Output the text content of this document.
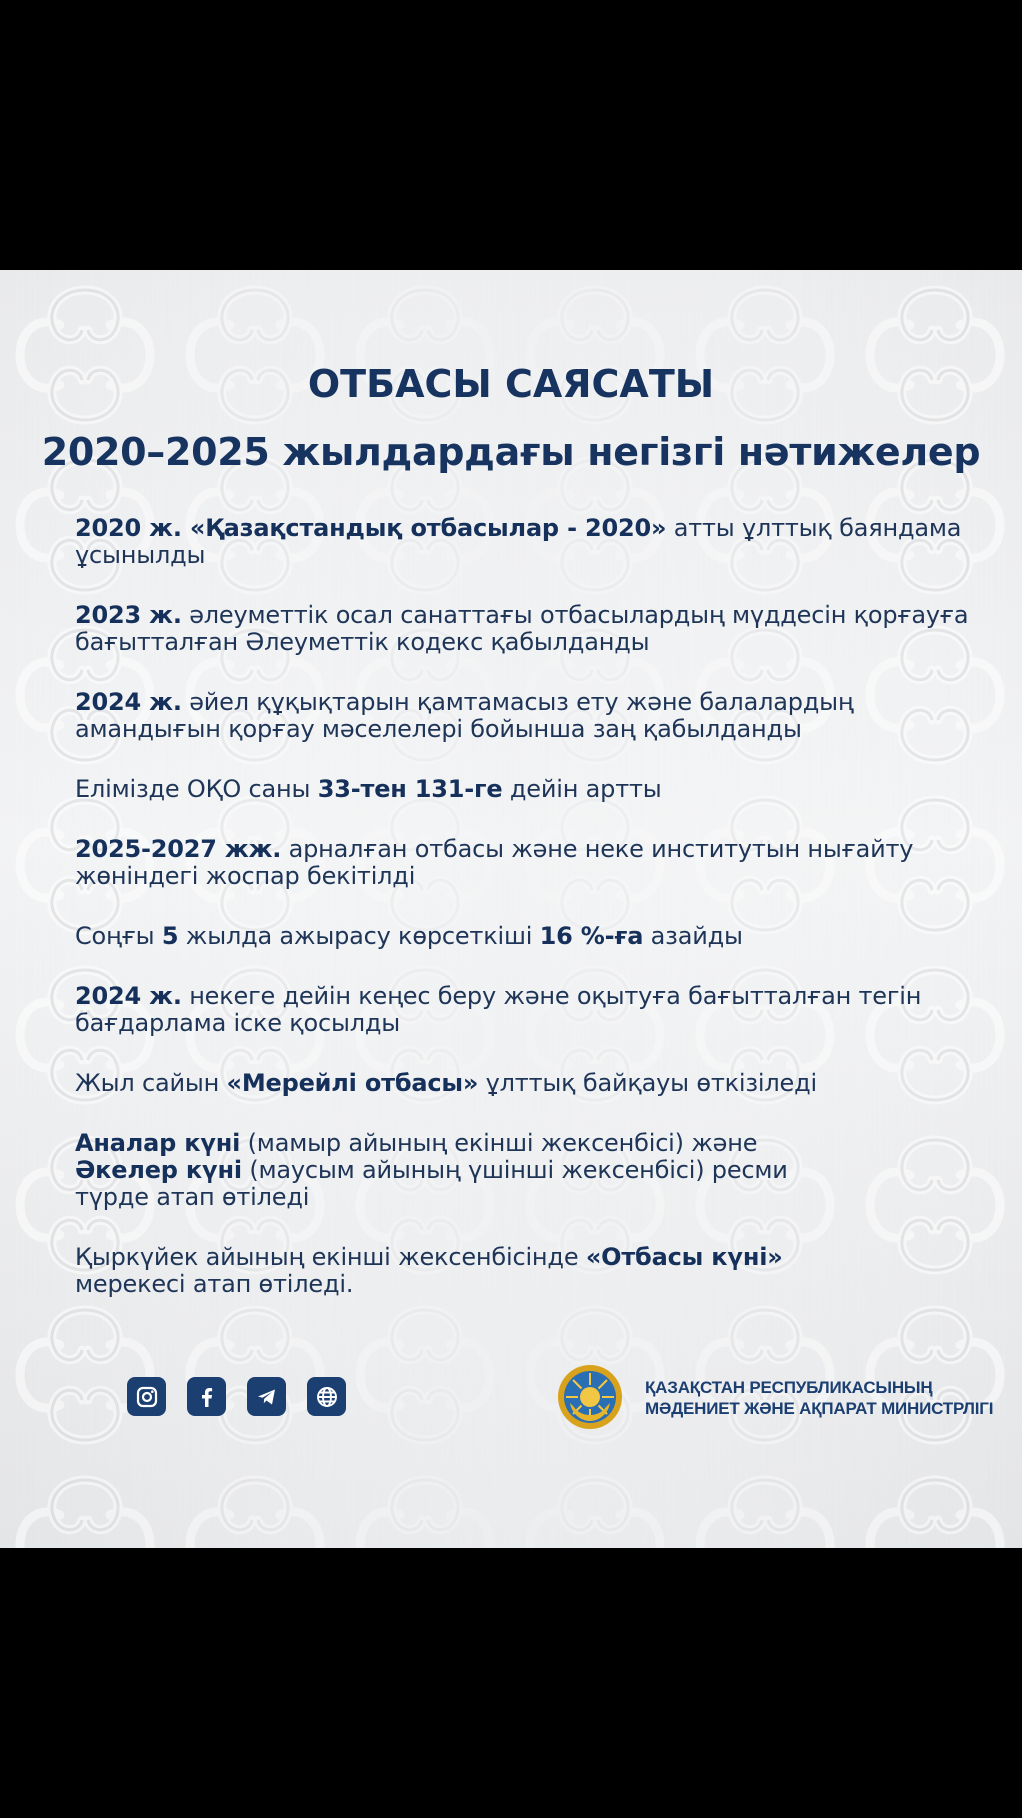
ОТБАСЫ САЯСАТЫ
2020–2025 жылдардағы негізгі нәтижелер

2020 ж. «Қазақстандық отбасылар - 2020» атты ұлттық баяндама ұсынылды

2023 ж. әлеуметтік осал санаттағы отбасылардың мүддесін қорғауға бағытталған Әлеуметтік кодекс қабылданды

2024 ж. әйел құқықтарын қамтамасыз ету және балалардың амандығын қорғау мәселелері бойынша заң қабылданды

Елімізде ОҚО саны 33-тен 131-ге дейін артты

2025-2027 жж. арналған отбасы және неке институтын нығайту жөніндегі жоспар бекітілді

Соңғы 5 жылда ажырасу көрсеткіші 16 %-ға азайды

2024 ж. некеге дейін кеңес беру және оқытуға бағытталған тегін бағдарлама іске қосылды

Жыл сайын «Мерейлі отбасы» ұлттық байқауы өткізіледі

Аналар күні (мамыр айының екінші жексенбісі) және
Әкелер күні (маусым айының үшінші жексенбісі) ресми түрде атап өтіледі

Қыркүйек айының екінші жексенбісінде «Отбасы күні»
мерекесі атап өтіледі.

ҚАЗАҚСТАН РЕСПУБЛИКАСЫНЫҢ
МӘДЕНИЕТ ЖӘНЕ АҚПАРАТ МИНИСТРЛІГІ
